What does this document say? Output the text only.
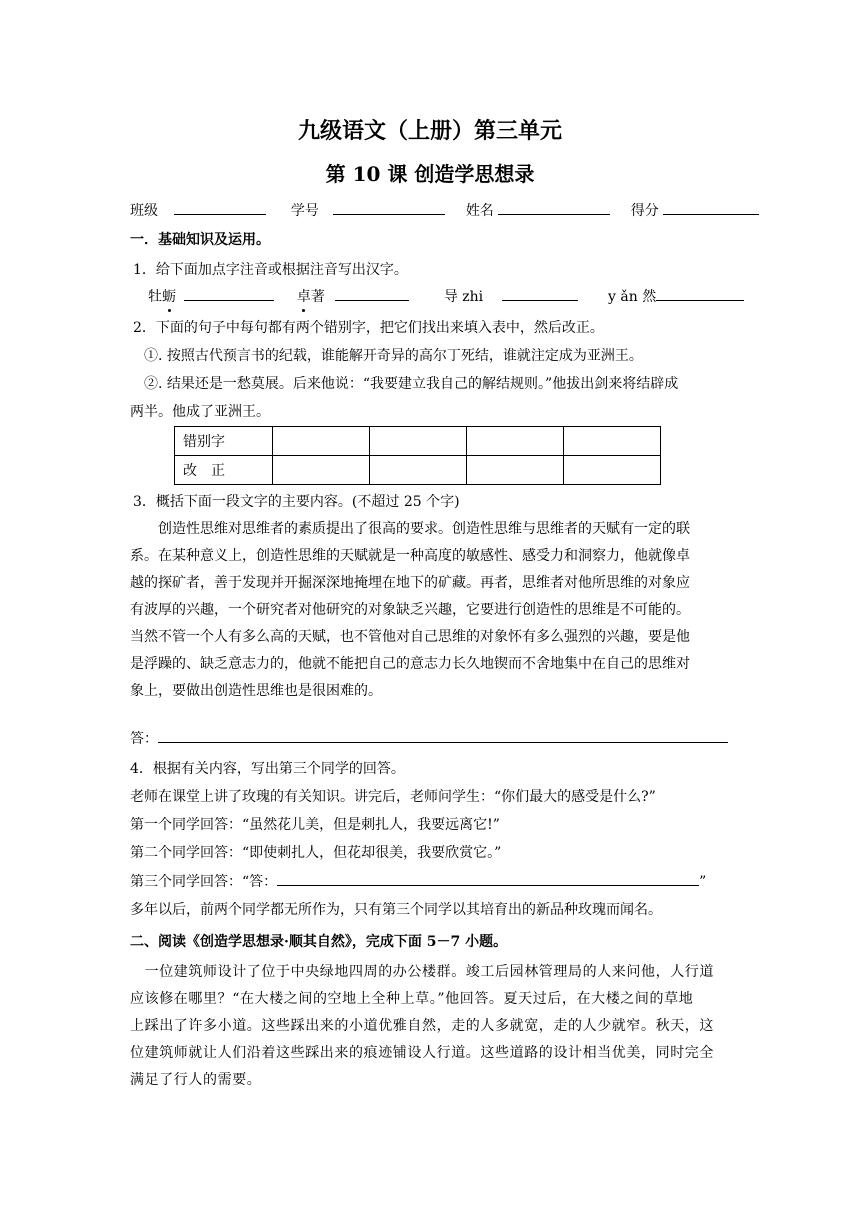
九级语文（上册）第三单元
第 10 课 创造学思想录
班级	学号	姓名	得分
一．基础知识及运用。
1．给下面加点字注音或根据注音写出汉字。
牡蛎	卓著	导 zhi	y ǎn 然
2．下面的句子中每句都有两个错别字，把它们找出来填入表中，然后改正。
①. 按照古代预言书的纪载，谁能解开奇异的高尔丁死结，谁就注定成为亚洲王。
②. 结果还是一愁莫展。后来他说：“我要建立我自己的解结规则。”他拔出剑来将结辟成
两半。他成了亚洲王。
错别字				
改　正				
3．概括下面一段文字的主要内容。(不超过 25 个字)
　　创造性思维对思维者的素质提出了很高的要求。创造性思维与思维者的天赋有一定的联
系。在某种意义上，创造性思维的天赋就是一种高度的敏感性、感受力和洞察力，他就像卓
越的探矿者，善于发现并开掘深深地掩埋在地下的矿藏。再者，思维者对他所思维的对象应
有波厚的兴趣，一个研究者对他研究的对象缺乏兴趣，它要进行创造性的思维是不可能的。
当然不管一个人有多么高的天赋，也不管他对自己思维的对象怀有多么强烈的兴趣，要是他
是浮躁的、缺乏意志力的，他就不能把自己的意志力长久地锲而不舍地集中在自己的思维对
象上，要做出创造性思维也是很困难的。
答：
4．根据有关内容，写出第三个同学的回答。
老师在课堂上讲了玫瑰的有关知识。讲完后，老师问学生：“你们最大的感受是什么?”
第一个同学回答：“虽然花儿美，但是刺扎人，我要远离它!”
第二个同学回答：“即使刺扎人，但花却很美，我要欣赏它。”
第三个同学回答：“答：	”
多年以后，前两个同学都无所作为，只有第三个同学以其培育出的新品种玫瑰而闻名。
二、阅读《创造学思想录·顺其自然》，完成下面 5－7 小题。
　一位建筑师设计了位于中央绿地四周的办公楼群。竣工后园林管理局的人来问他，人行道
应该修在哪里？“在大楼之间的空地上全种上草。”他回答。夏天过后，在大楼之间的草地
上踩出了许多小道。这些踩出来的小道优雅自然，走的人多就宽，走的人少就窄。秋天，这
位建筑师就让人们沿着这些踩出来的痕迹铺设人行道。这些道路的设计相当优美，同时完全
满足了行人的需要。
